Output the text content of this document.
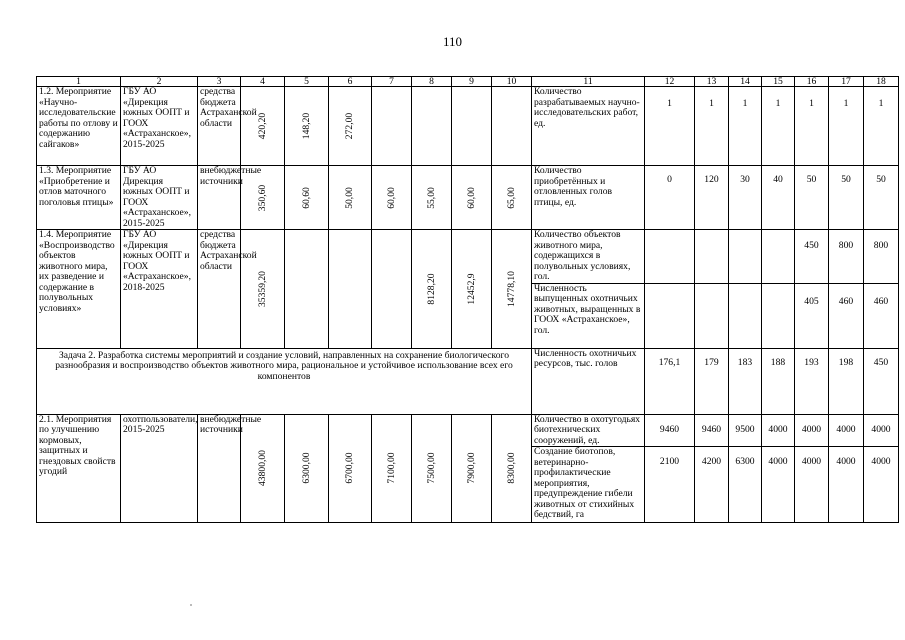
110
1	2	3	4	5	6	7	8	9	10	11	12	13	14	15	16	17	18
1.2. Мероприятие «Научно-исследовательские работы по отлову и содержанию сайгаков»	ГБУ АО «Дирекция южных ООПТ и ГООХ «Астраханское», 2015-2025	средства бюджета Астраханской области	420,20	148,20	272,00					Количество разрабатываемых научно-исследовательских работ, ед.	1	1	1	1	1	1	1
1.3. Мероприятие «Приобретение и отлов маточного поголовья птицы»	ГБУ АО Дирекция южных ООПТ и ГООХ «Астраханское», 2015-2025	внебюджетные источники	350,60	60,60	50,00	60,00	55,00	60,00	65,00	Количество приобретённых и отловленных голов птицы, ед.	0	120	30	40	50	50	50
1.4. Мероприятие «Воспроизводство объектов животного мира, их разведение и содержание в полувольных условиях»	ГБУ АО «Дирекция южных ООПТ и ГООХ «Астраханское», 2018-2025	средства бюджета Астраханской области	35359,20				8128,20	12452,9	14778,10	Количество объектов животного мира, содержащихся в полувольных условиях, гол.					450	800	800
										Численность выпущенных охотничьих животных, выращенных в ГООХ «Астраханское», гол.					405	460	460
Задача 2. Разработка системы мероприятий и создание условий, направленных на сохранение биологического разнообразия и воспроизводство объектов животного мира, рациональное и устойчивое использование всех его компонентов										Численность охотничьих ресурсов, тыс. голов	176,1	179	183	188	193	198	450
2.1. Мероприятия по улучшению кормовых, защитных и гнездовых свойств угодий	охотпользователи, 2015-2025	внебюджетные источники	43800,00	6300,00	6700,00	7100,00	7500,00	7900,00	8300,00	Количество в охотугодьях биотехнических сооружений, ед.	9460	9460	9500	4000	4000	4000	4000
										Создание биотопов, ветеринарно-профилактические мероприятия, предупреждение гибели животных от стихийных бедствий, га	2100	4200	6300	4000	4000	4000	4000
